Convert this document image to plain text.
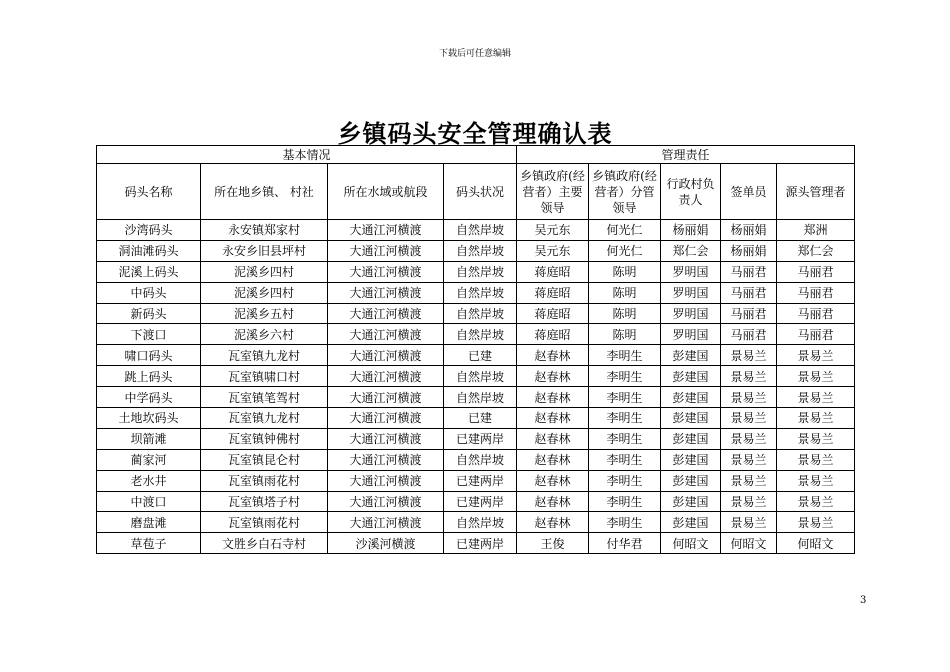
下载后可任意编辑
乡镇码头安全管理确认表
基本情况				管理责任				
码头名称	所在地乡镇、 村社	所在水域或航段	码头状况	乡镇政府(经营者）主要领导	乡镇政府(经营者）分管领导	行政村负责人	签单员	源头管理者
沙湾码头	永安镇郑家村	大通江河横渡	自然岸坡	吴元东	何光仁	杨丽娟	杨丽娟	郑洲
洞油滩码头	永安乡旧县坪村	大通江河横渡	自然岸坡	吴元东	何光仁	郑仁会	杨丽娟	郑仁会
泥溪上码头	泥溪乡四村	大通江河横渡	自然岸坡	蒋庭昭	陈明	罗明国	马丽君	马丽君
中码头	泥溪乡四村	大通江河横渡	自然岸坡	蒋庭昭	陈明	罗明国	马丽君	马丽君
新码头	泥溪乡五村	大通江河横渡	自然岸坡	蒋庭昭	陈明	罗明国	马丽君	马丽君
下渡口	泥溪乡六村	大通江河横渡	自然岸坡	蒋庭昭	陈明	罗明国	马丽君	马丽君
啸口码头	瓦室镇九龙村	大通江河横渡	已建	赵春林	李明生	彭建国	景易兰	景易兰
跳上码头	瓦室镇啸口村	大通江河横渡	自然岸坡	赵春林	李明生	彭建国	景易兰	景易兰
中学码头	瓦室镇笔驾村	大通江河横渡	自然岸坡	赵春林	李明生	彭建国	景易兰	景易兰
土地坎码头	瓦室镇九龙村	大通江河横渡	已建	赵春林	李明生	彭建国	景易兰	景易兰
坝箭滩	瓦室镇钟佛村	大通江河横渡	已建两岸	赵春林	李明生	彭建国	景易兰	景易兰
蔺家河	瓦室镇昆仑村	大通江河横渡	自然岸坡	赵春林	李明生	彭建国	景易兰	景易兰
老水井	瓦室镇雨花村	大通江河横渡	已建两岸	赵春林	李明生	彭建国	景易兰	景易兰
中渡口	瓦室镇塔子村	大通江河横渡	已建两岸	赵春林	李明生	彭建国	景易兰	景易兰
磨盘滩	瓦室镇雨花村	大通江河横渡	自然岸坡	赵春林	李明生	彭建国	景易兰	景易兰
草苞子	文胜乡白石寺村	沙溪河横渡	已建两岸	王俊	付华君	何昭文	何昭文	何昭文
3
